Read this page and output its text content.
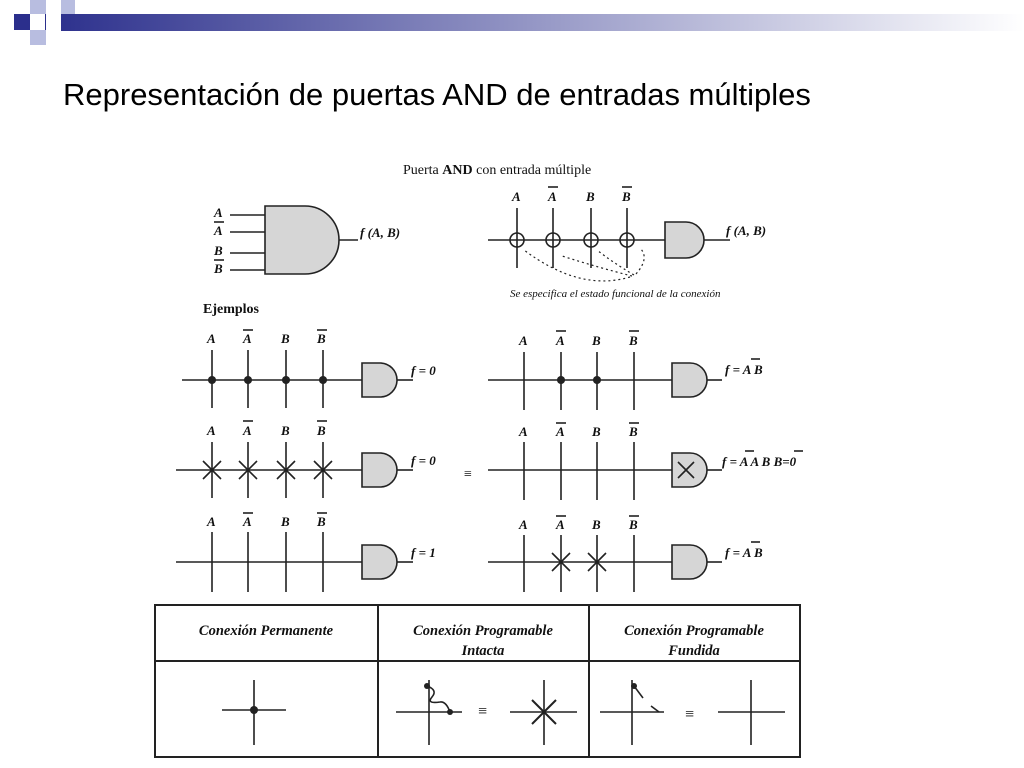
Representación de puertas AND de entradas múltiples
Puerta AND con entrada múltiple
A
A
B
B
f (A, B)
A A B B
f (A, B)
Se especifica el estado funcional de la conexión
Ejemplos
A A B B
f = 0
A A B B
f = A B
A A B B
f = 0
≡
A A B B
f = A A B B=0
A A B B
f = 1
A A B B
f = A B
Conexión Permanente	Conexión Programable
Intacta
Conexión Programable
Fundida
≡	≡
